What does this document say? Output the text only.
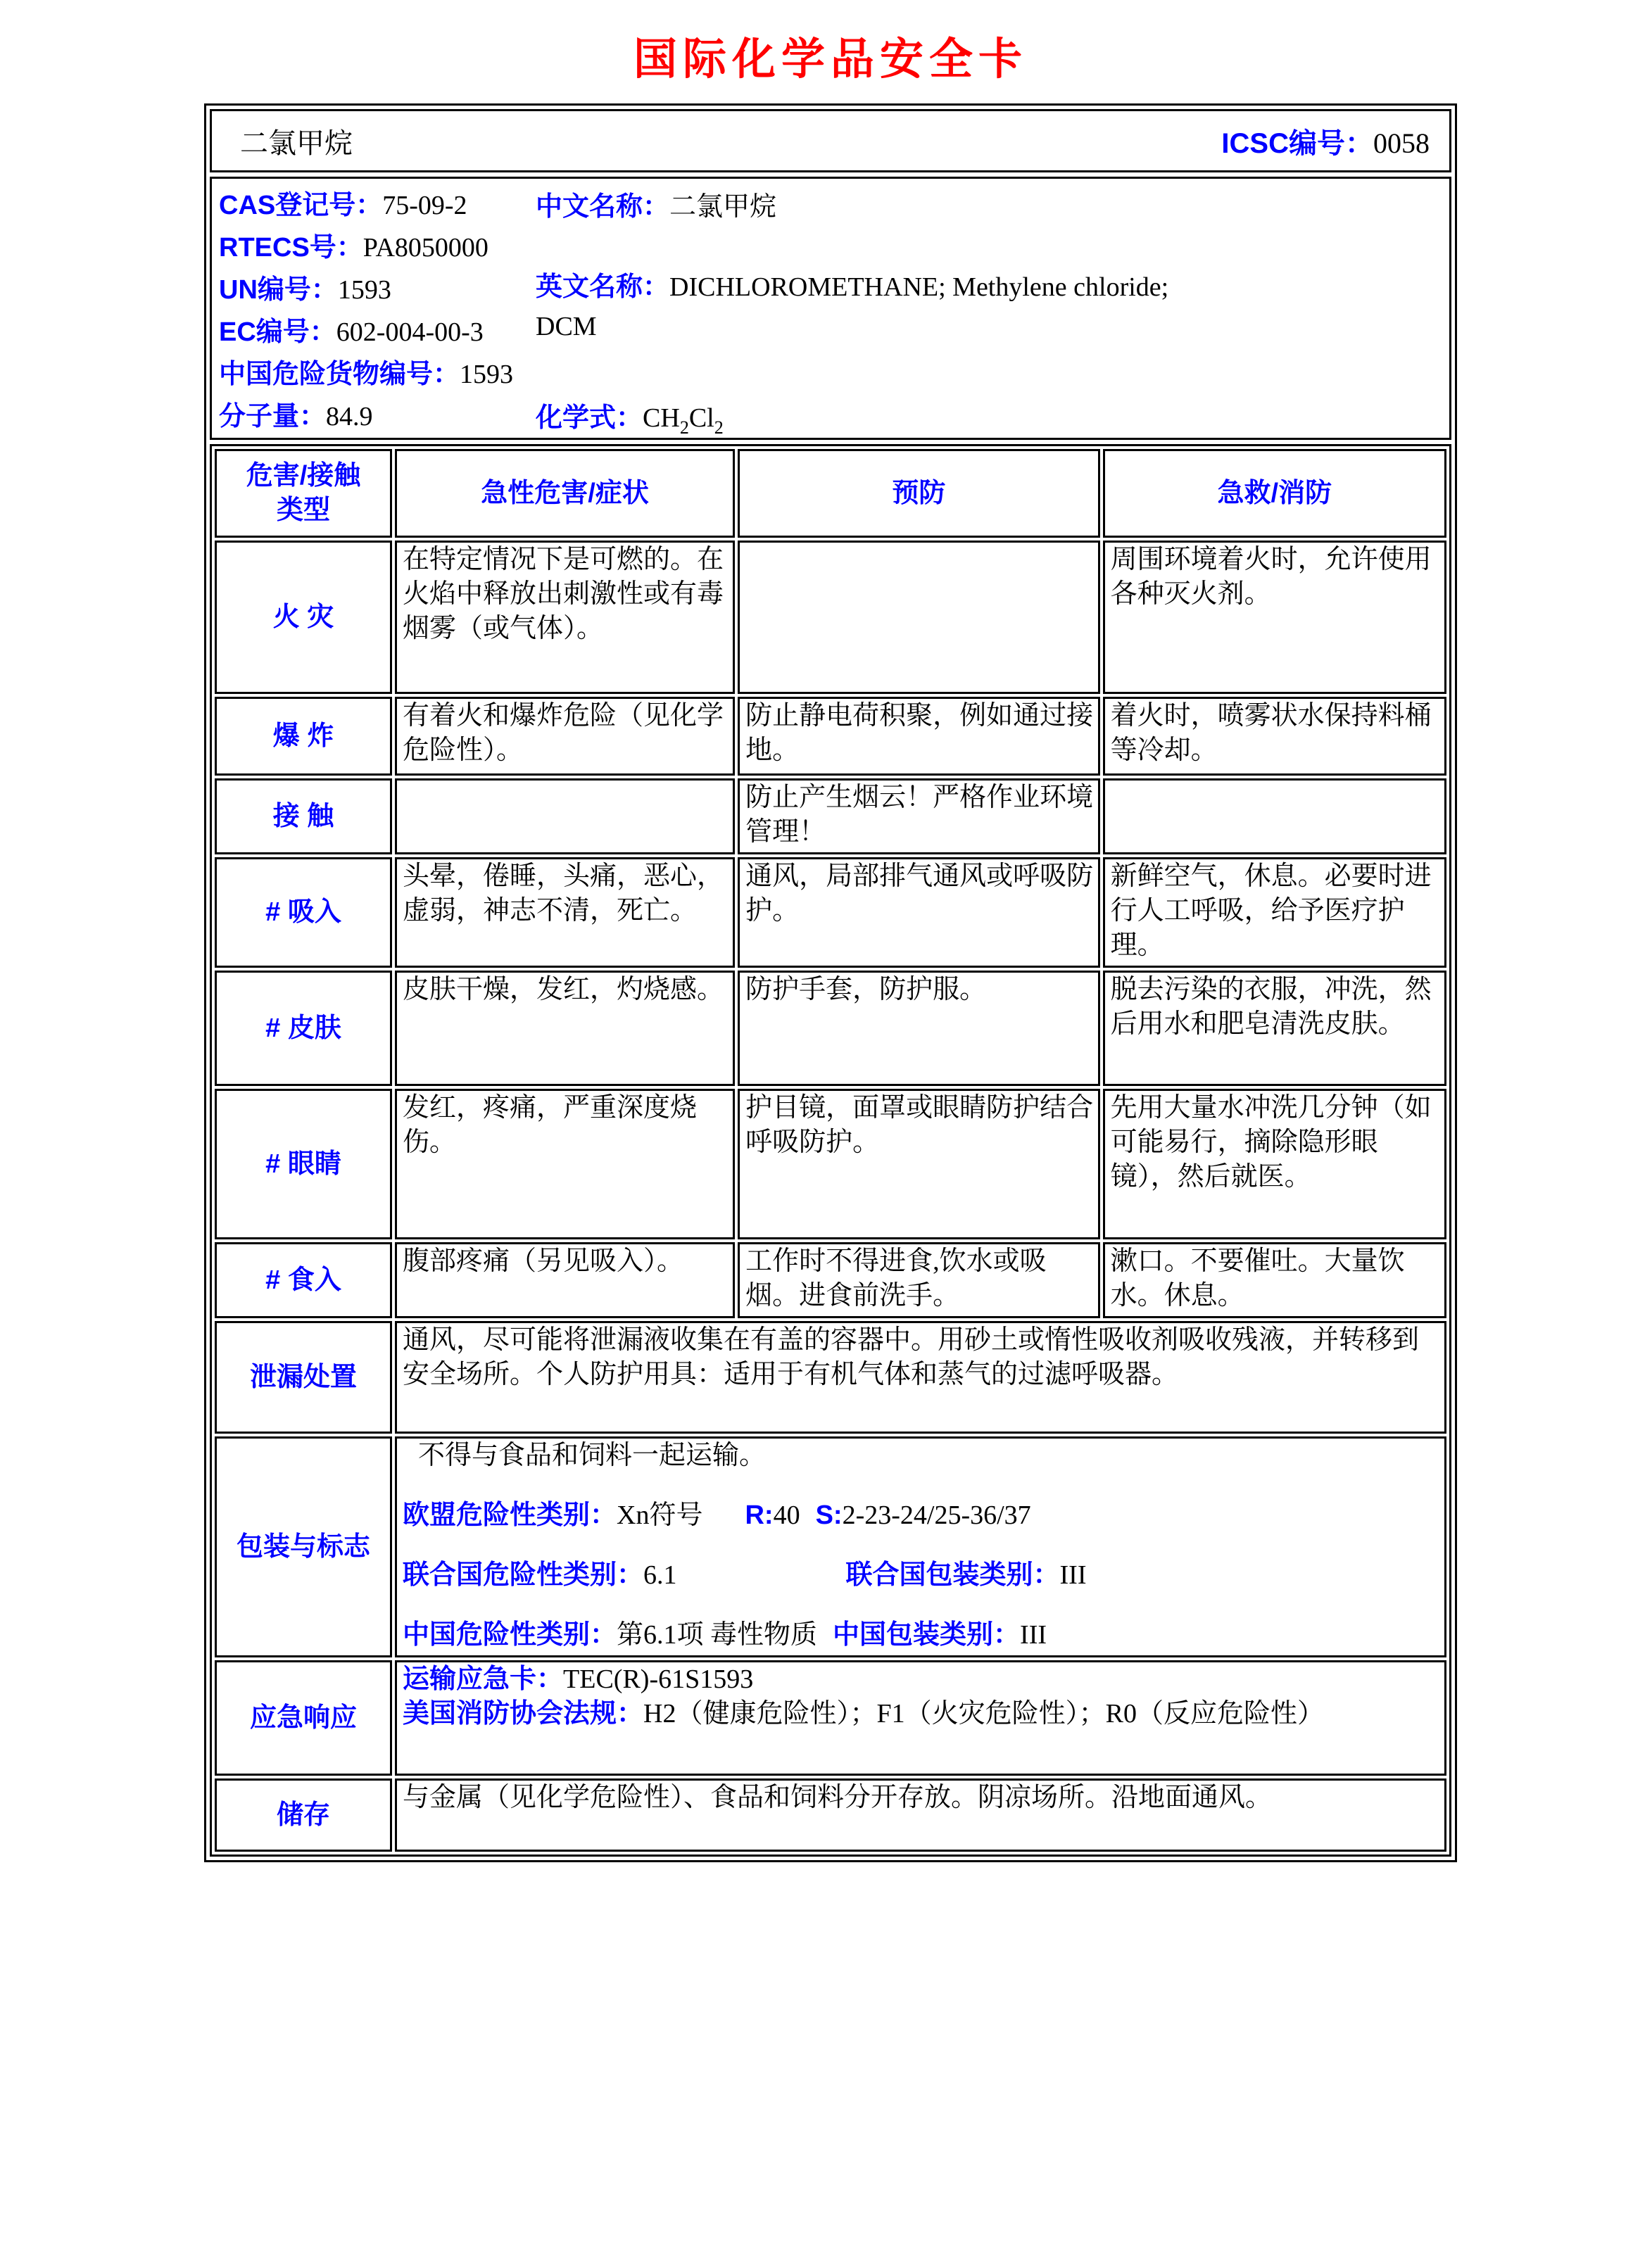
国际化学品安全卡
二氯甲烷	ICSC编号：0058
CAS登记号：75-09-2
RTECS号：PA8050000
UN编号：1593
EC编号：602-004-00-3
中国危险货物编号：1593
分子量：84.9
中文名称：二氯甲烷
英文名称：DICHLOROMETHANE; Methylene chloride; DCM
化学式：$CH_2Cl_2$
危害/接触
类型	急性危害/症状	预防	急救/消防
火 灾	在特定情况下是可燃的。在火焰中释放出刺激性或有毒烟雾（或气体）。		周围环境着火时，允许使用各种灭火剂。
爆 炸	有着火和爆炸危险（见化学危险性）。	防止静电荷积聚，例如通过接地。	着火时，喷雾状水保持料桶等冷却。
接 触		防止产生烟云！严格作业环境管理！	
# 吸入	头晕，倦睡，头痛，恶心，虚弱，神志不清，死亡。	通风，局部排气通风或呼吸防护。	新鲜空气，休息。必要时进行人工呼吸，给予医疗护理。
# 皮肤	皮肤干燥，发红，灼烧感。	防护手套，防护服。	脱去污染的衣服，冲洗，然后用水和肥皂清洗皮肤。
# 眼睛	发红，疼痛，严重深度烧伤。	护目镜，面罩或眼睛防护结合呼吸防护。	先用大量水冲洗几分钟（如可能易行，摘除隐形眼镜），然后就医。
# 食入	腹部疼痛（另见吸入）。	工作时不得进食,饮水或吸烟。进食前洗手。	漱口。不要催吐。大量饮水。休息。
泄漏处置	通风，尽可能将泄漏液收集在有盖的容器中。用砂土或惰性吸收剂吸收残液，并转移到安全场所。个人防护用具：适用于有机气体和蒸气的过滤呼吸器。		
包装与标志	不得与食品和饲料一起运输。
欧盟危险性类别：Xn符号 R:40 S:2-23-24/25-36/37
联合国危险性类别：6.1 联合国包装类别：III
中国危险性类别：第6.1项 毒性物质 中国包装类别：III		

应急响应	运输应急卡：TEC(R)-61S1593
美国消防协会法规：H2（健康危险性）；F1（火灾危险性）；R0（反应危险性）		

储存	与金属（见化学危险性）、食品和饲料分开存放。阴凉场所。沿地面通风。		
